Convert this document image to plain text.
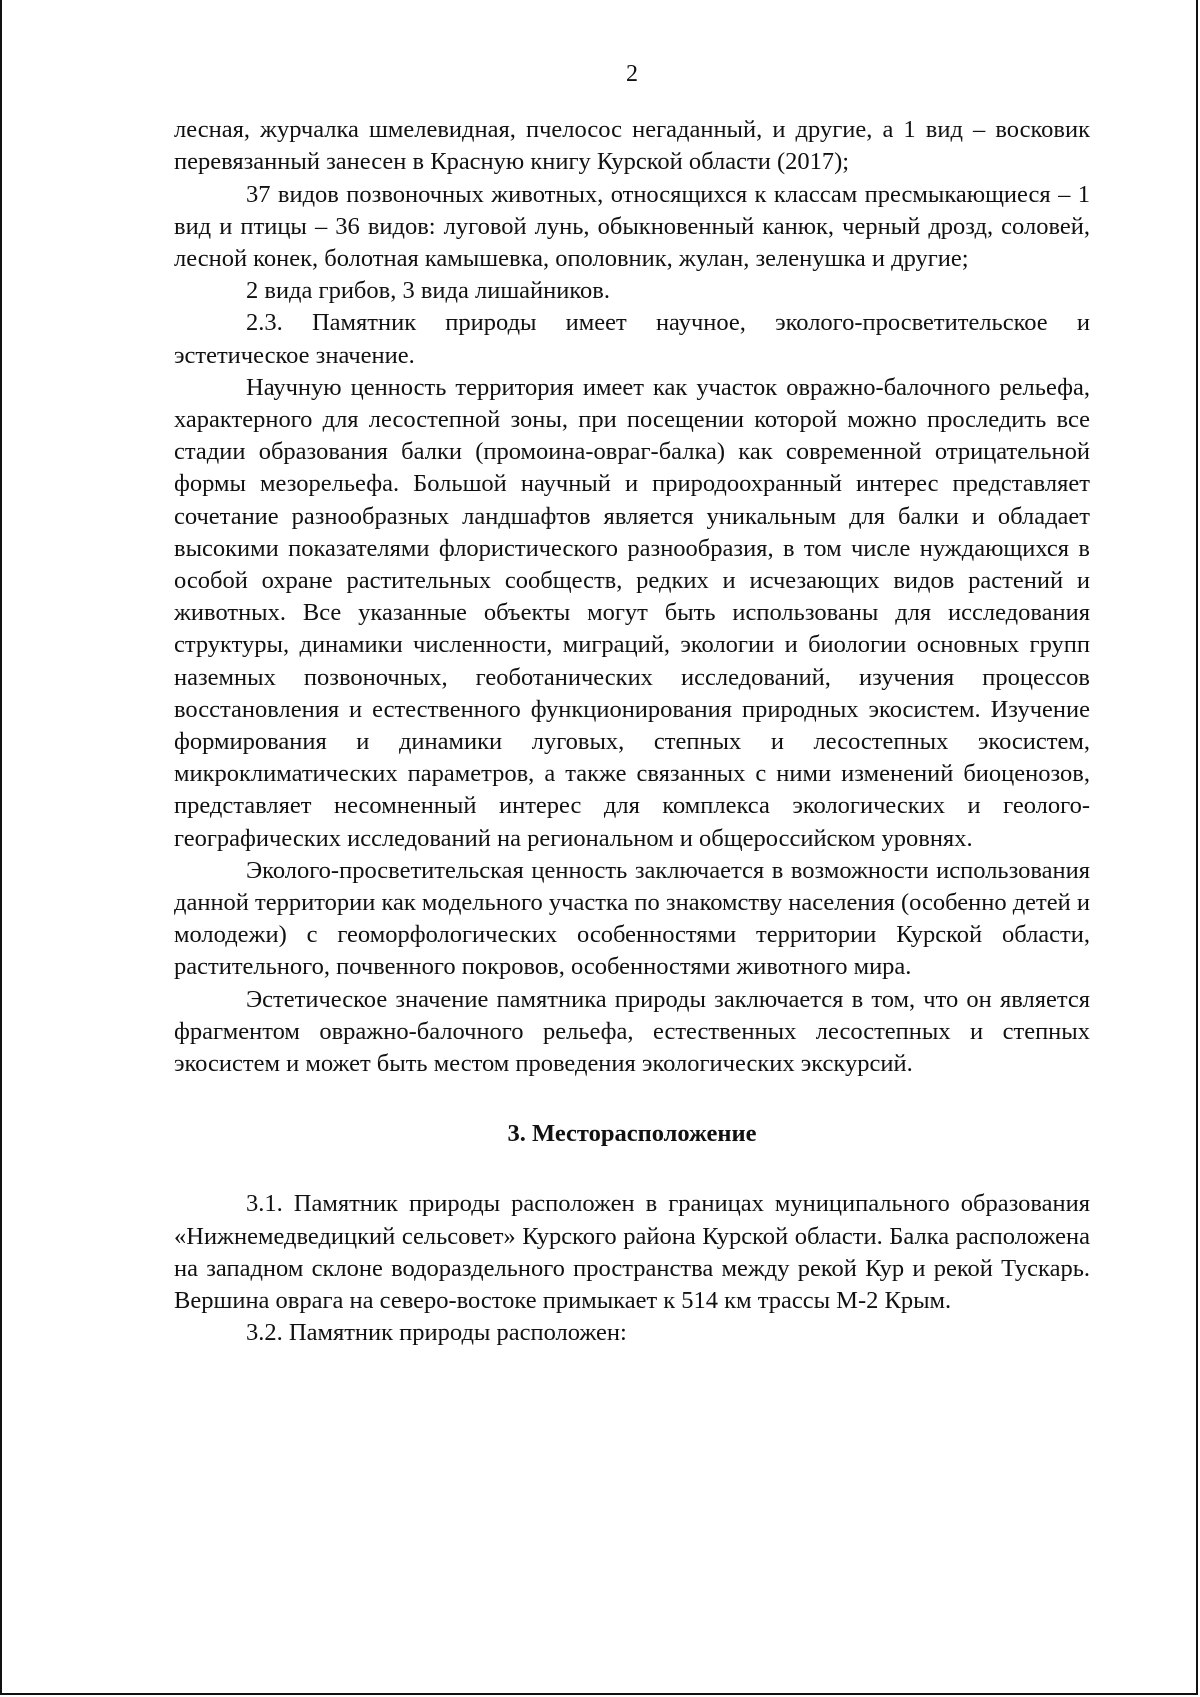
2

лесная, журчалка шмелевидная, пчелосос негаданный, и другие, а 1 вид – восковик перевязанный занесен в Красную книгу Курской области (2017);

37 видов позвоночных животных, относящихся к классам пресмыкающиеся – 1 вид и птицы – 36 видов: луговой лунь, обыкновенный канюк, черный дрозд, соловей, лесной конек, болотная камышевка, ополовник, жулан, зеленушка и другие;

2 вида грибов, 3 вида лишайников.

2.3. Памятник природы имеет научное, эколого-просветительское и эстетическое значение.

Научную ценность территория имеет как участок овражно-балочного рельефа, характерного для лесостепной зоны, при посещении которой можно проследить все стадии образования балки (промоина-овраг-балка) как современной отрицательной формы мезорельефа. Большой научный и природоохранный интерес представляет сочетание разнообразных ландшафтов является уникальным для балки и обладает высокими показателями флористического разнообразия, в том числе нуждающихся в особой охране растительных сообществ, редких и исчезающих видов растений и животных. Все указанные объекты могут быть использованы для исследования структуры, динамики численности, миграций, экологии и биологии основных групп наземных позвоночных, геоботанических исследований, изучения процессов восстановления и естественного функционирования природных экосистем. Изучение формирования и динамики луговых, степных и лесостепных экосистем, микроклиматических параметров, а также связанных с ними изменений биоценозов, представляет несомненный интерес для комплекса экологических и геолого-географических исследований на региональном и общероссийском уровнях.

Эколого-просветительская ценность заключается в возможности использования данной территории как модельного участка по знакомству населения (особенно детей и молодежи) с геоморфологических особенностями территории Курской области, растительного, почвенного покровов, особенностями животного мира.

Эстетическое значение памятника природы заключается в том, что он является фрагментом овражно-балочного рельефа, естественных лесостепных и степных экосистем и может быть местом проведения экологических экскурсий.

3. Месторасположение

3.1. Памятник природы расположен в границах муниципального образования «Нижнемедведицкий сельсовет» Курского района Курской области. Балка расположена на западном склоне водораздельного пространства между рекой Кур и рекой Тускарь. Вершина оврага на северо-востоке примыкает к 514 км трассы М-2 Крым.

3.2. Памятник природы расположен:
